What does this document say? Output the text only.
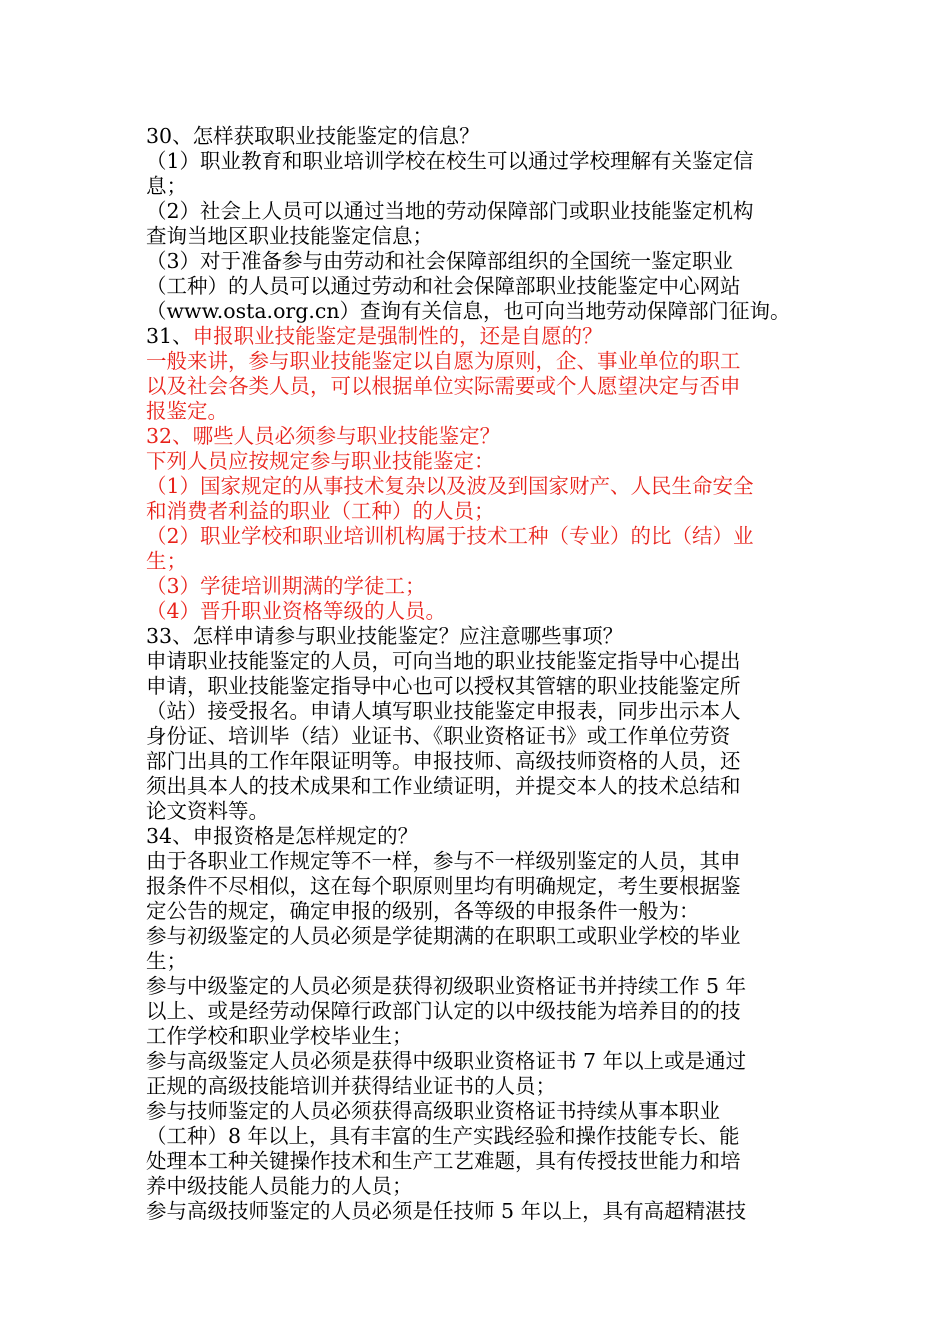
30、怎样获取职业技能鉴定的信息？
（1）职业教育和职业培训学校在校生可以通过学校理解有关鉴定信
息；
（2）社会上人员可以通过当地的劳动保障部门或职业技能鉴定机构
查询当地区职业技能鉴定信息；
（3）对于准备参与由劳动和社会保障部组织的全国统一鉴定职业
（工种）的人员可以通过劳动和社会保障部职业技能鉴定中心网站
（www.osta.org.cn）查询有关信息，也可向当地劳动保障部门征询。
31、申报职业技能鉴定是强制性的，还是自愿的？
一般来讲，参与职业技能鉴定以自愿为原则，企、事业单位的职工
以及社会各类人员，可以根据单位实际需要或个人愿望决定与否申
报鉴定。
32、哪些人员必须参与职业技能鉴定？
下列人员应按规定参与职业技能鉴定：
（1）国家规定的从事技术复杂以及波及到国家财产、人民生命安全
和消费者利益的职业（工种）的人员；
（2）职业学校和职业培训机构属于技术工种（专业）的比（结）业
生；
（3）学徒培训期满的学徒工；
（4）晋升职业资格等级的人员。
33、怎样申请参与职业技能鉴定？应注意哪些事项？
申请职业技能鉴定的人员，可向当地的职业技能鉴定指导中心提出
申请，职业技能鉴定指导中心也可以授权其管辖的职业技能鉴定所
（站）接受报名。申请人填写职业技能鉴定申报表，同步出示本人
身份证、培训毕（结）业证书、《职业资格证书》或工作单位劳资
部门出具的工作年限证明等。申报技师、高级技师资格的人员，还
须出具本人的技术成果和工作业绩证明，并提交本人的技术总结和
论文资料等。
34、申报资格是怎样规定的？
由于各职业工作规定等不一样，参与不一样级别鉴定的人员，其申
报条件不尽相似，这在每个职原则里均有明确规定，考生要根据鉴
定公告的规定，确定申报的级别，各等级的申报条件一般为：
参与初级鉴定的人员必须是学徒期满的在职职工或职业学校的毕业
生；
参与中级鉴定的人员必须是获得初级职业资格证书并持续工作 5 年
以上、或是经劳动保障行政部门认定的以中级技能为培养目的的技
工作学校和职业学校毕业生；
参与高级鉴定人员必须是获得中级职业资格证书 7 年以上或是通过
正规的高级技能培训并获得结业证书的人员；
参与技师鉴定的人员必须获得高级职业资格证书持续从事本职业
（工种）8 年以上，具有丰富的生产实践经验和操作技能专长、能
处理本工种关键操作技术和生产工艺难题，具有传授技世能力和培
养中级技能人员能力的人员；
参与高级技师鉴定的人员必须是任技师 5 年以上，具有高超精湛技
